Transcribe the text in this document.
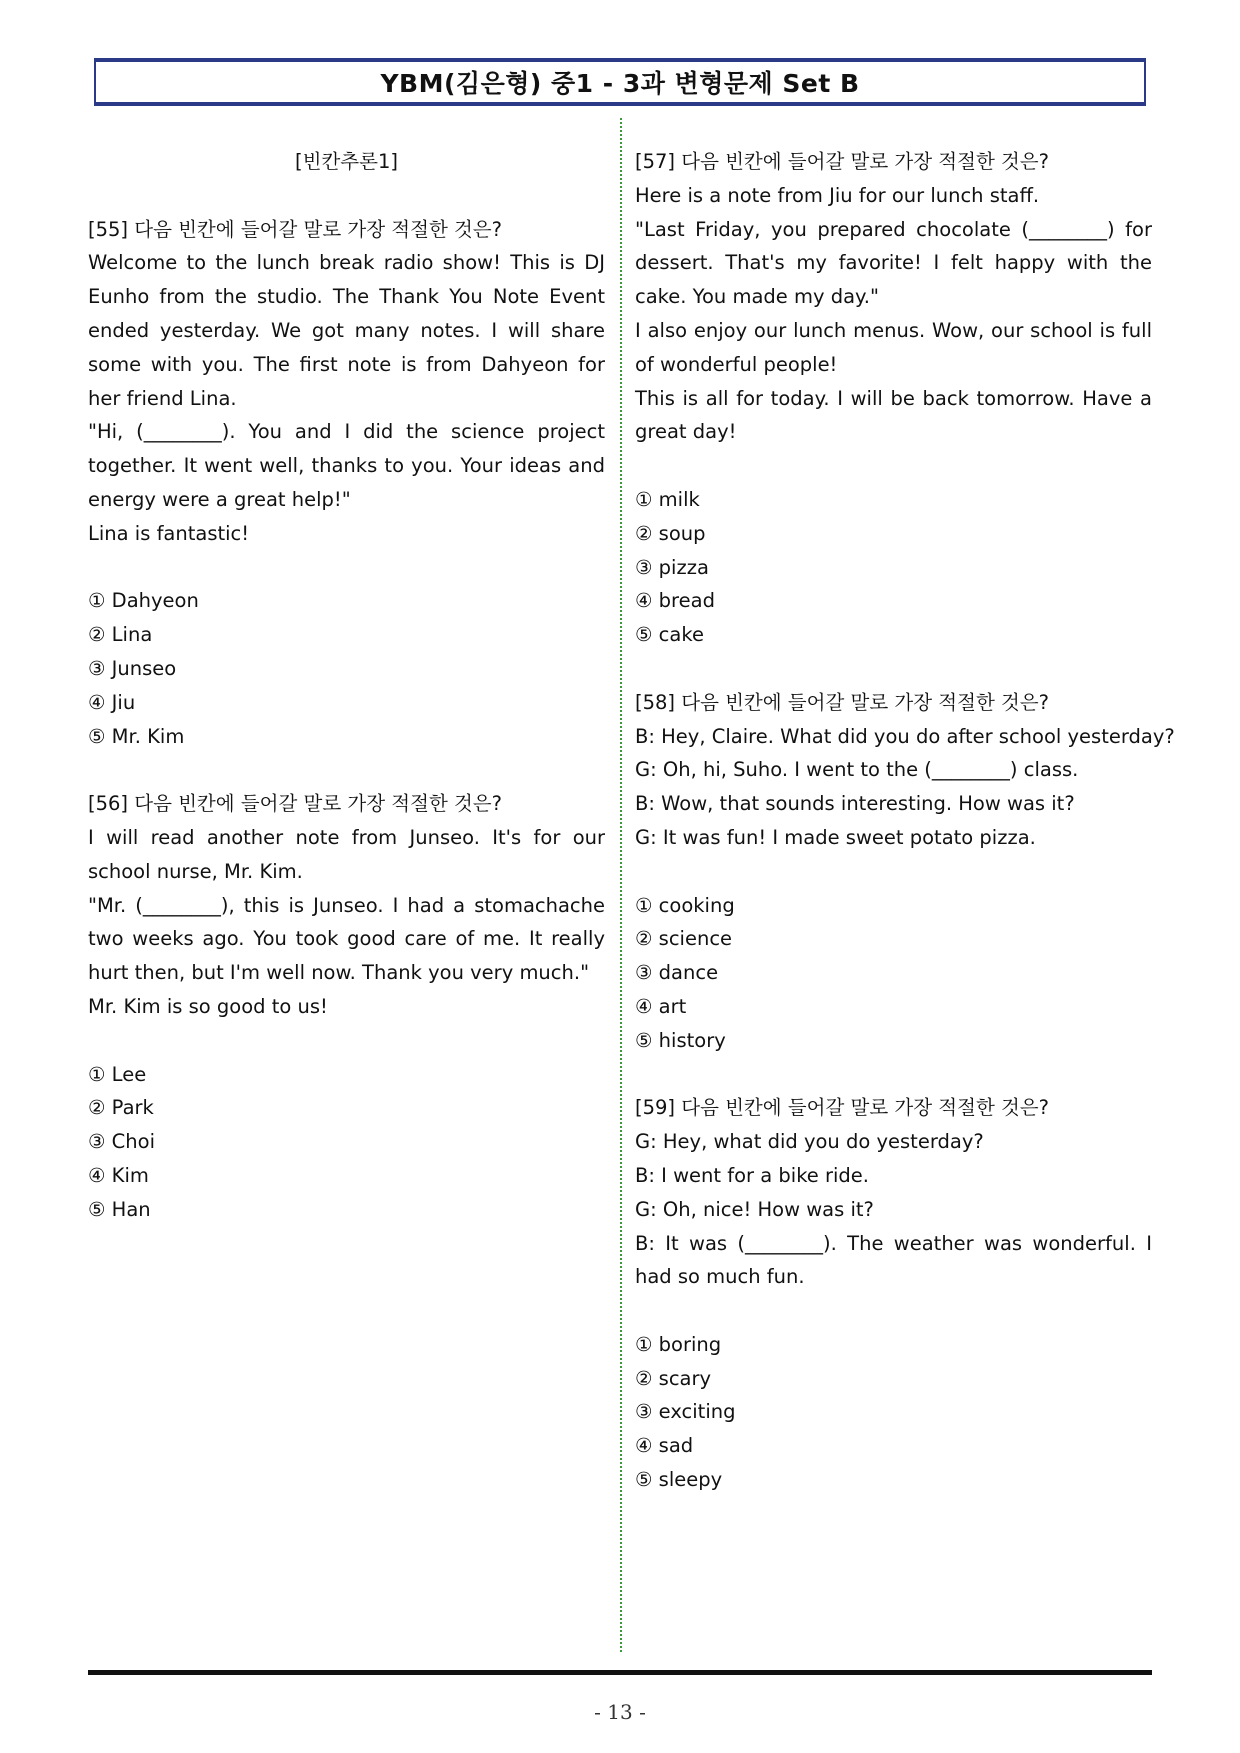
YBM(김은형) 중1 - 3과 변형문제 Set B

[빈칸추론1]

[55] 다음 빈칸에 들어갈 말로 가장 적절한 것은?

Welcome to the lunch break radio show! This is DJ Eunho from the studio. The Thank You Note Event ended yesterday. We got many notes. I will share some with you. The first note is from Dahyeon for her friend Lina.

"Hi, (________). You and I did the science project together. It went well, thanks to you. Your ideas and energy were a great help!"

Lina is fantastic!

① Dahyeon

② Lina

③ Junseo

④ Jiu

⑤ Mr. Kim

[56] 다음 빈칸에 들어갈 말로 가장 적절한 것은?

I will read another note from Junseo. It's for our school nurse, Mr. Kim.

"Mr. (________), this is Junseo. I had a stomachache two weeks ago. You took good care of me. It really hurt then, but I'm well now. Thank you very much."

Mr. Kim is so good to us!

① Lee

② Park

③ Choi

④ Kim

⑤ Han

[57] 다음 빈칸에 들어갈 말로 가장 적절한 것은?

Here is a note from Jiu for our lunch staff.

"Last Friday, you prepared chocolate (________) for dessert. That's my favorite! I felt happy with the cake. You made my day."

I also enjoy our lunch menus. Wow, our school is full of wonderful people!

This is all for today. I will be back tomorrow. Have a great day!

① milk

② soup

③ pizza

④ bread

⑤ cake

[58] 다음 빈칸에 들어갈 말로 가장 적절한 것은?

B: Hey, Claire. What did you do after school yesterday?

G: Oh, hi, Suho. I went to the (________) class.

B: Wow, that sounds interesting. How was it?

G: It was fun! I made sweet potato pizza.

① cooking

② science

③ dance

④ art

⑤ history

[59] 다음 빈칸에 들어갈 말로 가장 적절한 것은?

G: Hey, what did you do yesterday?

B: I went for a bike ride.

G: Oh, nice! How was it?

B: It was (________). The weather was wonderful. I had so much fun.

① boring

② scary

③ exciting

④ sad

⑤ sleepy

- 13 -
